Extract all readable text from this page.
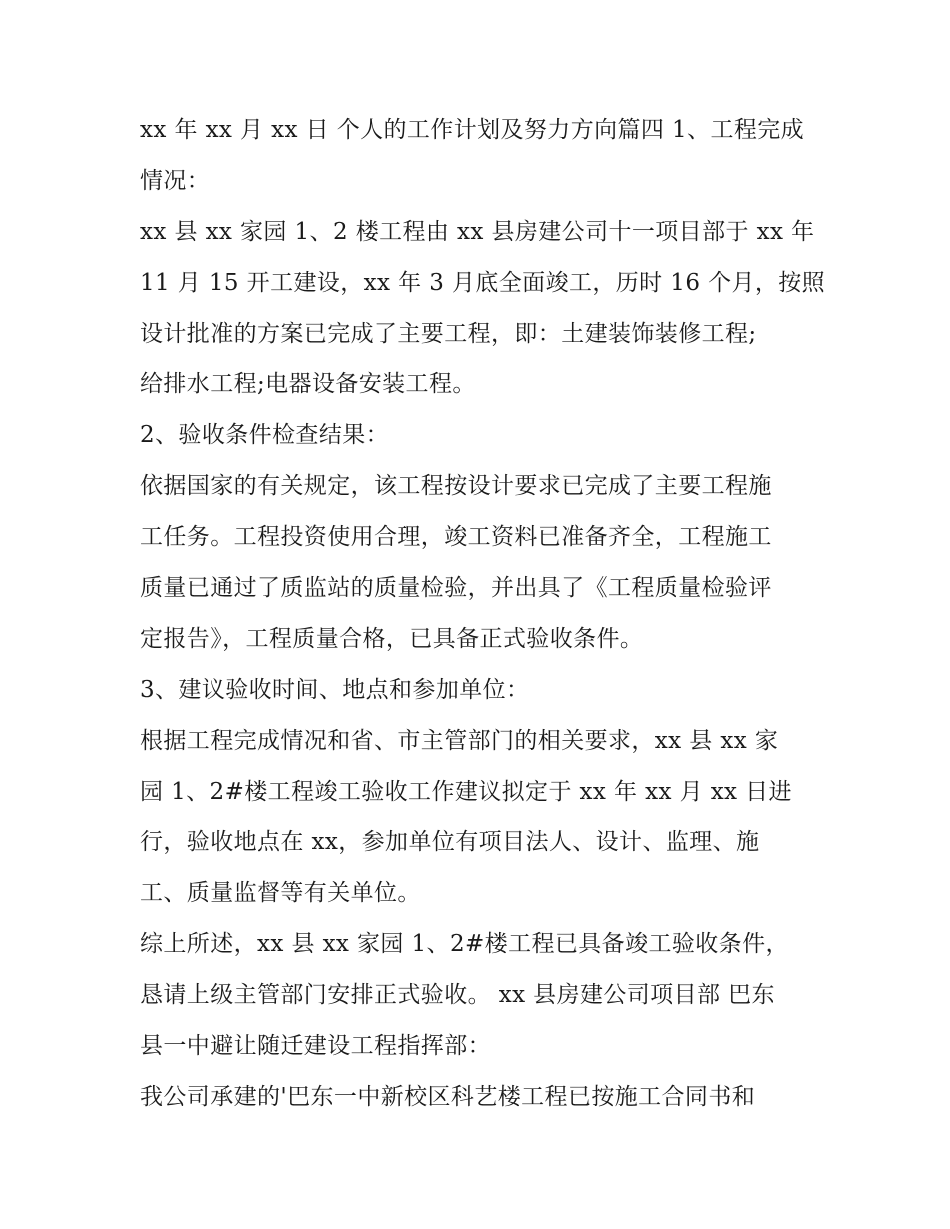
xx 年 xx 月 xx 日 个人的工作计划及努力方向篇四 1、工程完成
情况：
xx 县 xx 家园 1、2 楼工程由 xx 县房建公司十一项目部于 xx 年
11 月 15 开工建设，xx 年 3 月底全面竣工，历时 16 个月，按照
设计批准的方案已完成了主要工程，即：土建装饰装修工程;
给排水工程;电器设备安装工程。
2、验收条件检查结果：
依据国家的有关规定，该工程按设计要求已完成了主要工程施
工任务。工程投资使用合理，竣工资料已准备齐全，工程施工
质量已通过了质监站的质量检验，并出具了《工程质量检验评
定报告》，工程质量合格，已具备正式验收条件。
3、建议验收时间、地点和参加单位：
根据工程完成情况和省、市主管部门的相关要求，xx 县 xx 家
园 1、2#楼工程竣工验收工作建议拟定于 xx 年 xx 月 xx 日进
行，验收地点在 xx，参加单位有项目法人、设计、监理、施
工、质量监督等有关单位。
综上所述，xx 县 xx 家园 1、2#楼工程已具备竣工验收条件，
恳请上级主管部门安排正式验收。 xx 县房建公司项目部 巴东
县一中避让随迁建设工程指挥部：
我公司承建的'巴东一中新校区科艺楼工程已按施工合同书和
